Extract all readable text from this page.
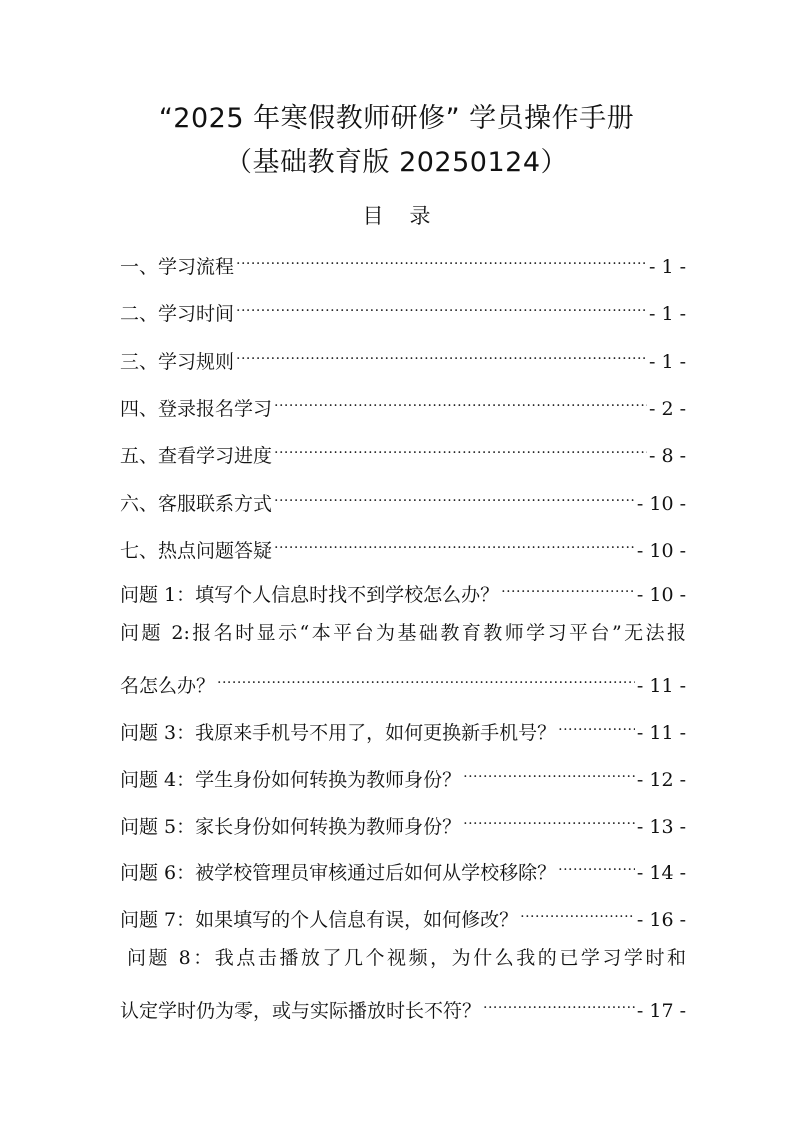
“2025 年寒假教师研修” 学员操作手册
（基础教育版 20250124）
目 录
一、学习流程 .....	- 1 -
二、学习时间 .....	- 1 -
三、学习规则 .....	- 1 -
四、登录报名学习 .....	- 2 -
五、查看学习进度 .....	- 8 -
六、客服联系方式 .....	- 10 -
七、热点问题答疑 .....	- 10 -
问题 1：填写个人信息时找不到学校怎么办？ .....	- 10 -
问题 2:报名时显示“本平台为基础教育教师学习平台”无法报
名怎么办？ .....	- 11 -
问题 3：我原来手机号不用了，如何更换新手机号？ .....	- 11 -
问题 4：学生身份如何转换为教师身份？ .....	- 12 -
问题 5：家长身份如何转换为教师身份？ .....	- 13 -
问题 6：被学校管理员审核通过后如何从学校移除？ .....	- 14 -
问题 7：如果填写的个人信息有误，如何修改？ .....	- 16 -
问题 8：我点击播放了几个视频，为什么我的已学习学时和
认定学时仍为零，或与实际播放时长不符？ .....	- 17 -
